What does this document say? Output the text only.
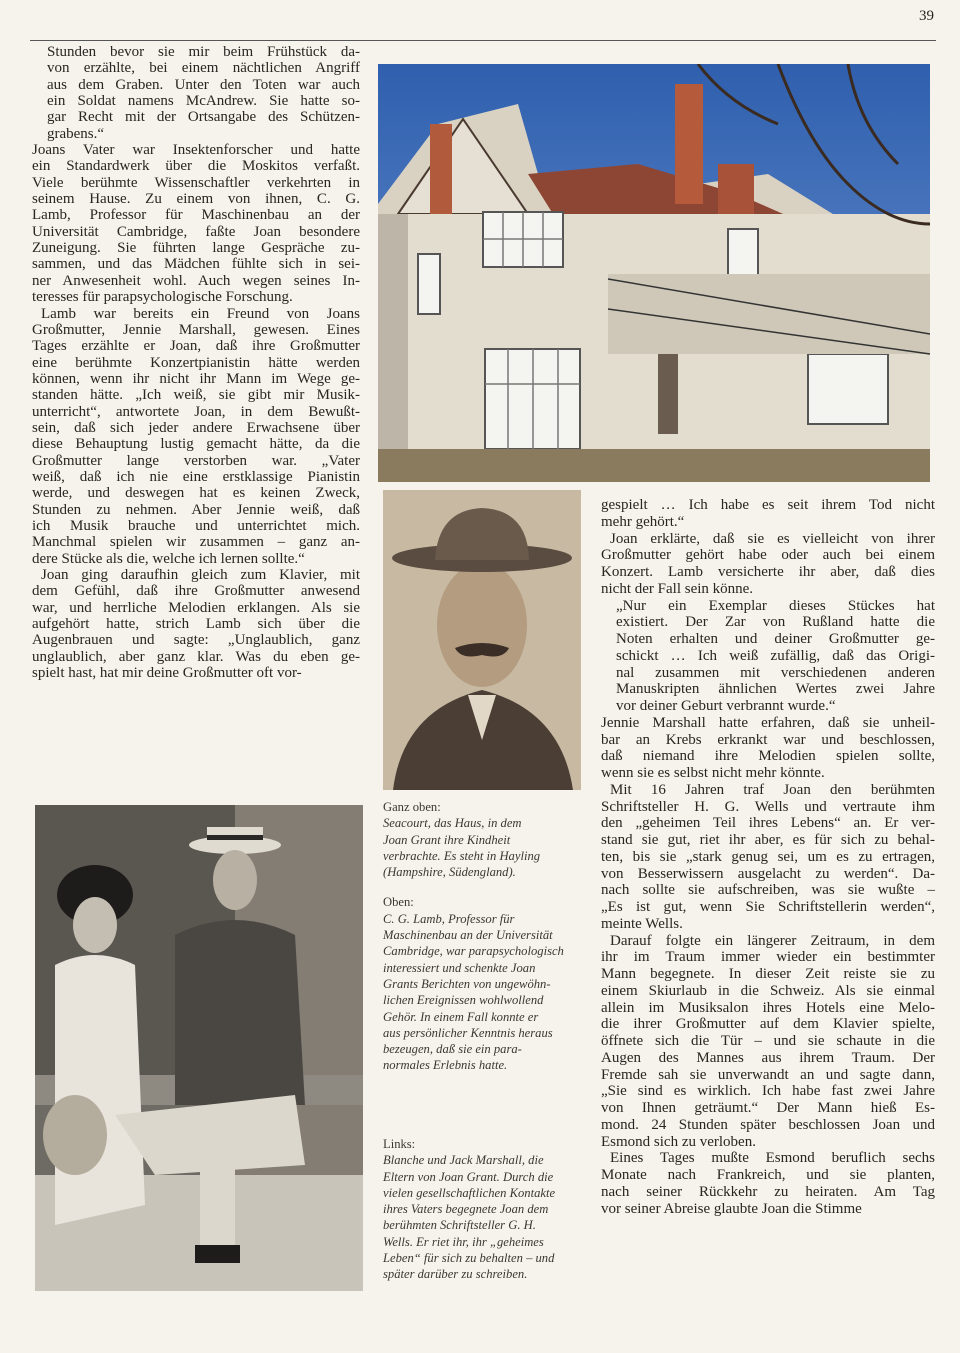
39
Stunden bevor sie mir beim Frühstück da-
von erzählte, bei einem nächtlichen Angriff
aus dem Graben. Unter den Toten war auch
ein Soldat namens McAndrew. Sie hatte so-
gar Recht mit der Ortsangabe des Schützen-
grabens.“
Joans Vater war Insektenforscher und hatte
ein Standardwerk über die Moskitos verfaßt.
Viele berühmte Wissenschaftler verkehrten in
seinem Hause. Zu einem von ihnen, C. G.
Lamb, Professor für Maschinenbau an der
Universität Cambridge, faßte Joan besondere
Zuneigung. Sie führten lange Gespräche zu-
sammen, und das Mädchen fühlte sich in sei-
ner Anwesenheit wohl. Auch wegen seines In-
teresses für parapsychologische Forschung.
Lamb war bereits ein Freund von Joans
Großmutter, Jennie Marshall, gewesen. Eines
Tages erzählte er Joan, daß ihre Großmutter
eine berühmte Konzertpianistin hätte werden
können, wenn ihr nicht ihr Mann im Wege ge-
standen hätte. „Ich weiß, sie gibt mir Musik-
unterricht“, antwortete Joan, in dem Bewußt-
sein, daß sich jeder andere Erwachsene über
diese Behauptung lustig gemacht hätte, da die
Großmutter lange verstorben war. „Vater
weiß, daß ich nie eine erstklassige Pianistin
werde, und deswegen hat es keinen Zweck,
Stunden zu nehmen. Aber Jennie weiß, daß
ich Musik brauche und unterrichtet mich.
Manchmal spielen wir zusammen – ganz an-
dere Stücke als die, welche ich lernen sollte.“
Joan ging daraufhin gleich zum Klavier, mit
dem Gefühl, daß ihre Großmutter anwesend
war, und herrliche Melodien erklangen. Als sie
aufgehört hatte, strich Lamb sich über die
Augenbrauen und sagte: „Unglaublich, ganz
unglaublich, aber ganz klar. Was du eben ge-
spielt hast, hat mir deine Großmutter oft vor-
gespielt … Ich habe es seit ihrem Tod nicht
mehr gehört.“
Joan erklärte, daß sie es vielleicht von ihrer
Großmutter gehört habe oder auch bei einem
Konzert. Lamb versicherte ihr aber, daß dies
nicht der Fall sein könne.
„Nur ein Exemplar dieses Stückes hat
existiert. Der Zar von Rußland hatte die
Noten erhalten und deiner Großmutter ge-
schickt … Ich weiß zufällig, daß das Origi-
nal zusammen mit verschiedenen anderen
Manuskripten ähnlichen Wertes zwei Jahre
vor deiner Geburt verbrannt wurde.“
Jennie Marshall hatte erfahren, daß sie unheil-
bar an Krebs erkrankt war und beschlossen,
daß niemand ihre Melodien spielen sollte,
wenn sie es selbst nicht mehr könnte.
Mit 16 Jahren traf Joan den berühmten
Schriftsteller H. G. Wells und vertraute ihm
den „geheimen Teil ihres Lebens“ an. Er ver-
stand sie gut, riet ihr aber, es für sich zu behal-
ten, bis sie „stark genug sei, um es zu ertragen,
von Besserwissern ausgelacht zu werden“. Da-
nach sollte sie aufschreiben, was sie wußte –
„Es ist gut, wenn Sie Schriftstellerin werden“,
meinte Wells.
Darauf folgte ein längerer Zeitraum, in dem
ihr im Traum immer wieder ein bestimmter
Mann begegnete. In dieser Zeit reiste sie zu
einem Skiurlaub in die Schweiz. Als sie einmal
allein im Musiksalon ihres Hotels eine Melo-
die ihrer Großmutter auf dem Klavier spielte,
öffnete sich die Tür – und sie schaute in die
Augen des Mannes aus ihrem Traum. Der
Fremde sah sie unverwandt an und sagte dann,
„Sie sind es wirklich. Ich habe fast zwei Jahre
von Ihnen geträumt.“ Der Mann hieß Es-
mond. 24 Stunden später beschlossen Joan und
Esmond sich zu verloben.
Eines Tages mußte Esmond beruflich sechs
Monate nach Frankreich, und sie planten,
nach seiner Rückkehr zu heiraten. Am Tag
vor seiner Abreise glaubte Joan die Stimme
Ganz oben:
Seacourt, das Haus, in dem
Joan Grant ihre Kindheit
verbrachte. Es steht in Hayling
(Hampshire, Südengland).
Oben:
C. G. Lamb, Professor für
Maschinenbau an der Universität
Cambridge, war parapsychologisch
interessiert und schenkte Joan
Grants Berichten von ungewöhn-
lichen Ereignissen wohlwollend
Gehör. In einem Fall konnte er
aus persönlicher Kenntnis heraus
bezeugen, daß sie ein para-
normales Erlebnis hatte.
Links:
Blanche und Jack Marshall, die
Eltern von Joan Grant. Durch die
vielen gesellschaftlichen Kontakte
ihres Vaters begegnete Joan dem
berühmten Schriftsteller G. H.
Wells. Er riet ihr, ihr „geheimes
Leben“ für sich zu behalten – und
später darüber zu schreiben.
